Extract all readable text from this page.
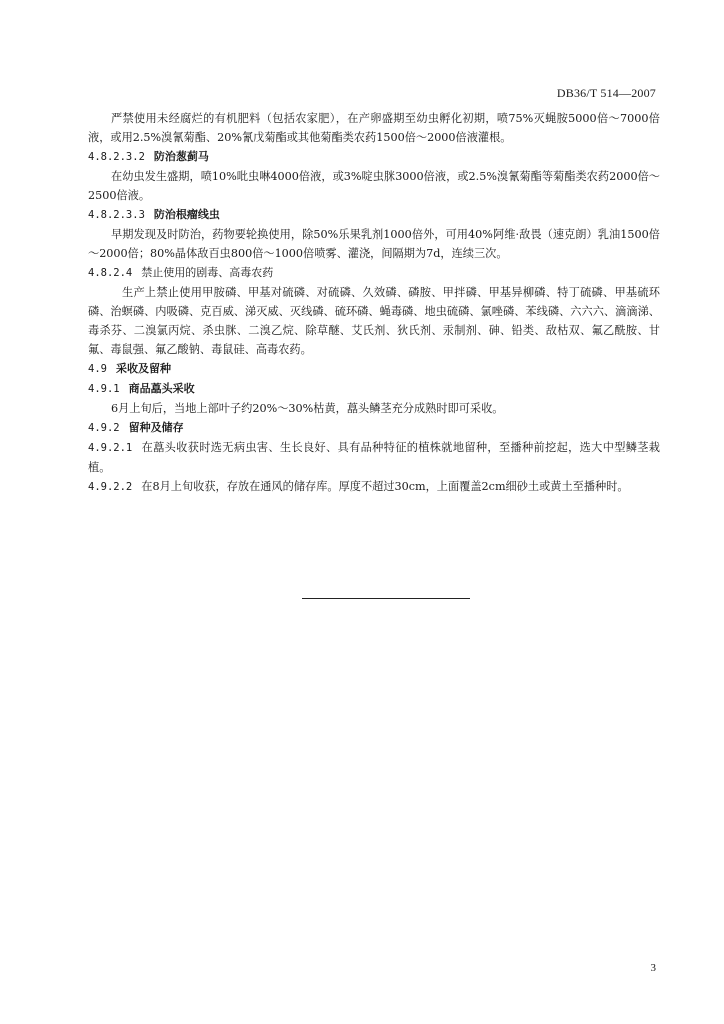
DB36/T 514—2007

严禁使用未经腐烂的有机肥料（包括农家肥），在产卵盛期至幼虫孵化初期，喷75%灭蝇胺5000倍～7000倍液，或用2.5%溴氰菊酯、20%氰戊菊酯或其他菊酯类农药1500倍～2000倍液灌根。

4.8.2.3.2 防治葱蓟马

在幼虫发生盛期，喷10%吡虫啉4000倍液，或3%啶虫脒3000倍液，或2.5%溴氰菊酯等菊酯类农药2000倍～2500倍液。

4.8.2.3.3 防治根瘤线虫

早期发现及时防治，药物要轮换使用，除50%乐果乳剂1000倍外，可用40%阿维·敌畏（速克朗）乳油1500倍～2000倍；80%晶体敌百虫800倍～1000倍喷雾、灌浇，间隔期为7d，连续三次。

4.8.2.4 禁止使用的剧毒、高毒农药

生产上禁止使用甲胺磷、甲基对硫磷、对硫磷、久效磷、磷胺、甲拌磷、甲基异柳磷、特丁硫磷、甲基硫环磷、治螟磷、内吸磷、克百威、涕灭威、灭线磷、硫环磷、蝇毒磷、地虫硫磷、氯唑磷、苯线磷、六六六、滴滴涕、毒杀芬、二溴氯丙烷、杀虫脒、二溴乙烷、除草醚、艾氏剂、狄氏剂、汞制剂、砷、铅类、敌枯双、氟乙酰胺、甘氟、毒鼠强、氟乙酸钠、毒鼠硅、高毒农药。

4.9 采收及留种
4.9.1 商品藠头采收

6月上旬后，当地上部叶子约20%～30%枯黄，藠头鳞茎充分成熟时即可采收。

4.9.2 留种及储存

4.9.2.1 在藠头收获时选无病虫害、生长良好、具有品种特征的植株就地留种，至播种前挖起，选大中型鳞茎栽植。

4.9.2.2 在8月上旬收获，存放在通风的储存库。厚度不超过30cm，上面覆盖2cm细砂土或黄土至播种时。

3
